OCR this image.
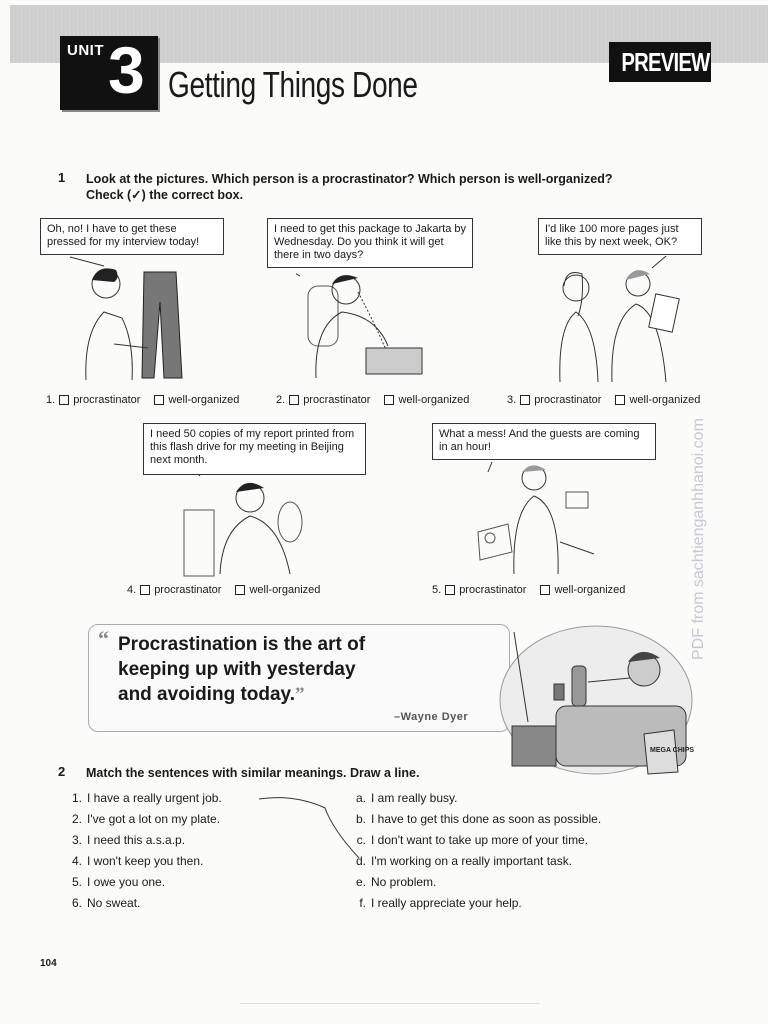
UNIT 3 Getting Things Done
PREVIEW
1 Look at the pictures. Which person is a procrastinator? Which person is well-organized?
Check (✓) the correct box.
Oh, no! I have to get these pressed for my interview today!
I need to get this package to Jakarta by Wednesday. Do you think it will get there in two days?
I'd like 100 more pages just like this by next week, OK?
I need 50 copies of my report printed from this flash drive for my meeting in Beijing next month.
What a mess! And the guests are coming in an hour!
1. procrastinator	well-organized	2. procrastinator	well-organized	3. procrastinator	well-organized
4. procrastinator	well-organized	5. procrastinator	well-organized
“ Procrastination is the art of
keeping up with yesterday
and avoiding today.”
–Wayne Dyer
MEGA CHIPS
2 Match the sentences with similar meanings. Draw a line.
1. I have a really urgent job.
2. I've got a lot on my plate.
3. I need this a.s.a.p.
4. I won't keep you then.
5. I owe you one.
6. No sweat.
a. I am really busy.
b. I have to get this done as soon as possible.
c. I don't want to take up more of your time.
d. I'm working on a really important task.
e. No problem.
f. I really appreciate your help.
104
PDF from sachtienganhhanoi.com
